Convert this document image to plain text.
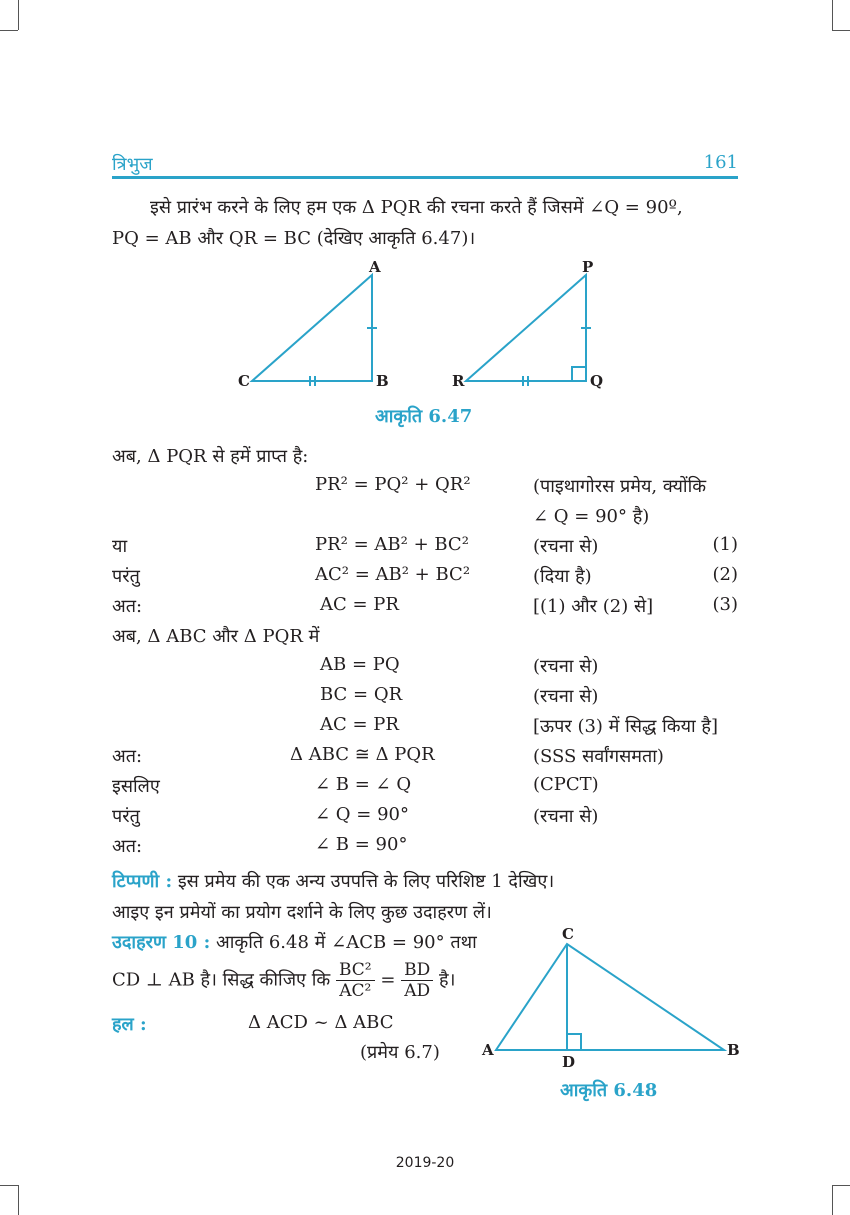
त्रिभुज	161
इसे प्रारंभ करने के लिए हम एक Δ PQR की रचना करते हैं जिसमें ∠Q = 90º,
PQ = AB और QR = BC (देखिए आकृति 6.47)।
A
B
C
P
Q
R
आकृति 6.47
अब, Δ PQR से हमें प्राप्त है:
PR² = PQ² + QR²	(पाइथागोरस प्रमेय, क्योंकि
∠ Q = 90° है)
या	PR² = AB² + BC²	(रचना से)	(1)
परंतु	AC² = AB² + BC²	(दिया है)	(2)
अत:	AC = PR	[(1) और (2) से]	(3)
अब, Δ ABC और Δ PQR में
AB = PQ	(रचना से)
BC = QR	(रचना से)
AC = PR	[ऊपर (3) में सिद्ध किया है]
अत:	Δ ABC ≅ Δ PQR	(SSS सर्वांगसमता)
इसलिए	∠ B = ∠ Q	(CPCT)
परंतु	∠ Q = 90°	(रचना से)
अत:	∠ B = 90°
टिप्पणी : इस प्रमेय की एक अन्य उपपत्ति के लिए परिशिष्ट 1 देखिए।
आइए इन प्रमेयों का प्रयोग दर्शाने के लिए कुछ उदाहरण लें।
उदाहरण 10 : आकृति 6.48 में ∠ACB = 90° तथा
CD ⊥ AB है। सिद्ध कीजिए कि $\frac{\text{BC²}}{\text{AC²}} = \frac{BD}{AD}$ है।
हल :	Δ ACD ~ Δ ABC
(प्रमेय 6.7)
C
A	B
D
आकृति 6.48
2019-20
